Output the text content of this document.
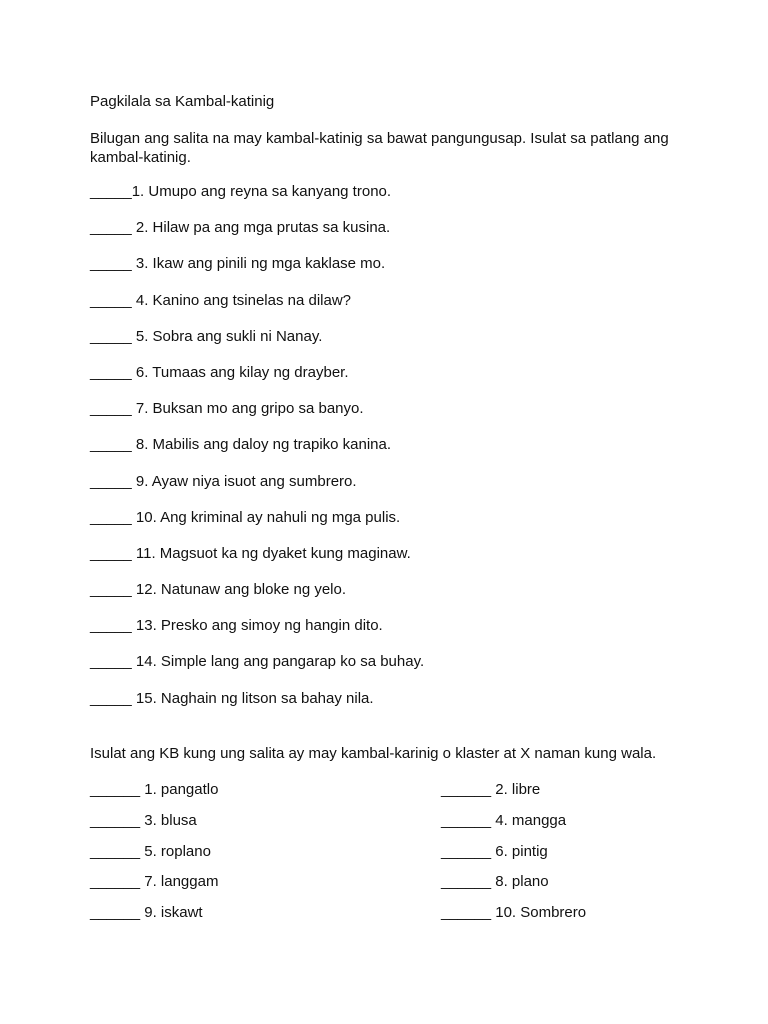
Pagkilala sa Kambal-katinig
Bilugan ang salita na may kambal-katinig sa bawat pangungusap. Isulat sa patlang ang kambal-katinig.
_____1. Umupo ang reyna sa kanyang trono.
_____ 2. Hilaw pa ang mga prutas sa kusina.
_____ 3. Ikaw ang pinili ng mga kaklase mo.
_____ 4. Kanino ang tsinelas na dilaw?
_____ 5. Sobra ang sukli ni Nanay.
_____ 6. Tumaas ang kilay ng drayber.
_____ 7. Buksan mo ang gripo sa banyo.
_____ 8. Mabilis ang daloy ng trapiko kanina.
_____ 9. Ayaw niya isuot ang sumbrero.
_____ 10. Ang kriminal ay nahuli ng mga pulis.
_____ 11. Magsuot ka ng dyaket kung maginaw.
_____ 12. Natunaw ang bloke ng yelo.
_____ 13. Presko ang simoy ng hangin dito.
_____ 14. Simple lang ang pangarap ko sa buhay.
_____ 15. Naghain ng litson sa bahay nila.
Isulat ang KB kung ung salita ay may kambal-karinig o klaster at X naman kung wala.
______ 1. pangatlo	______ 2. libre
______ 3. blusa	______ 4. mangga
______ 5. roplano	______ 6. pintig
______ 7. langgam	______ 8. plano
______ 9. iskawt	______ 10. Sombrero
